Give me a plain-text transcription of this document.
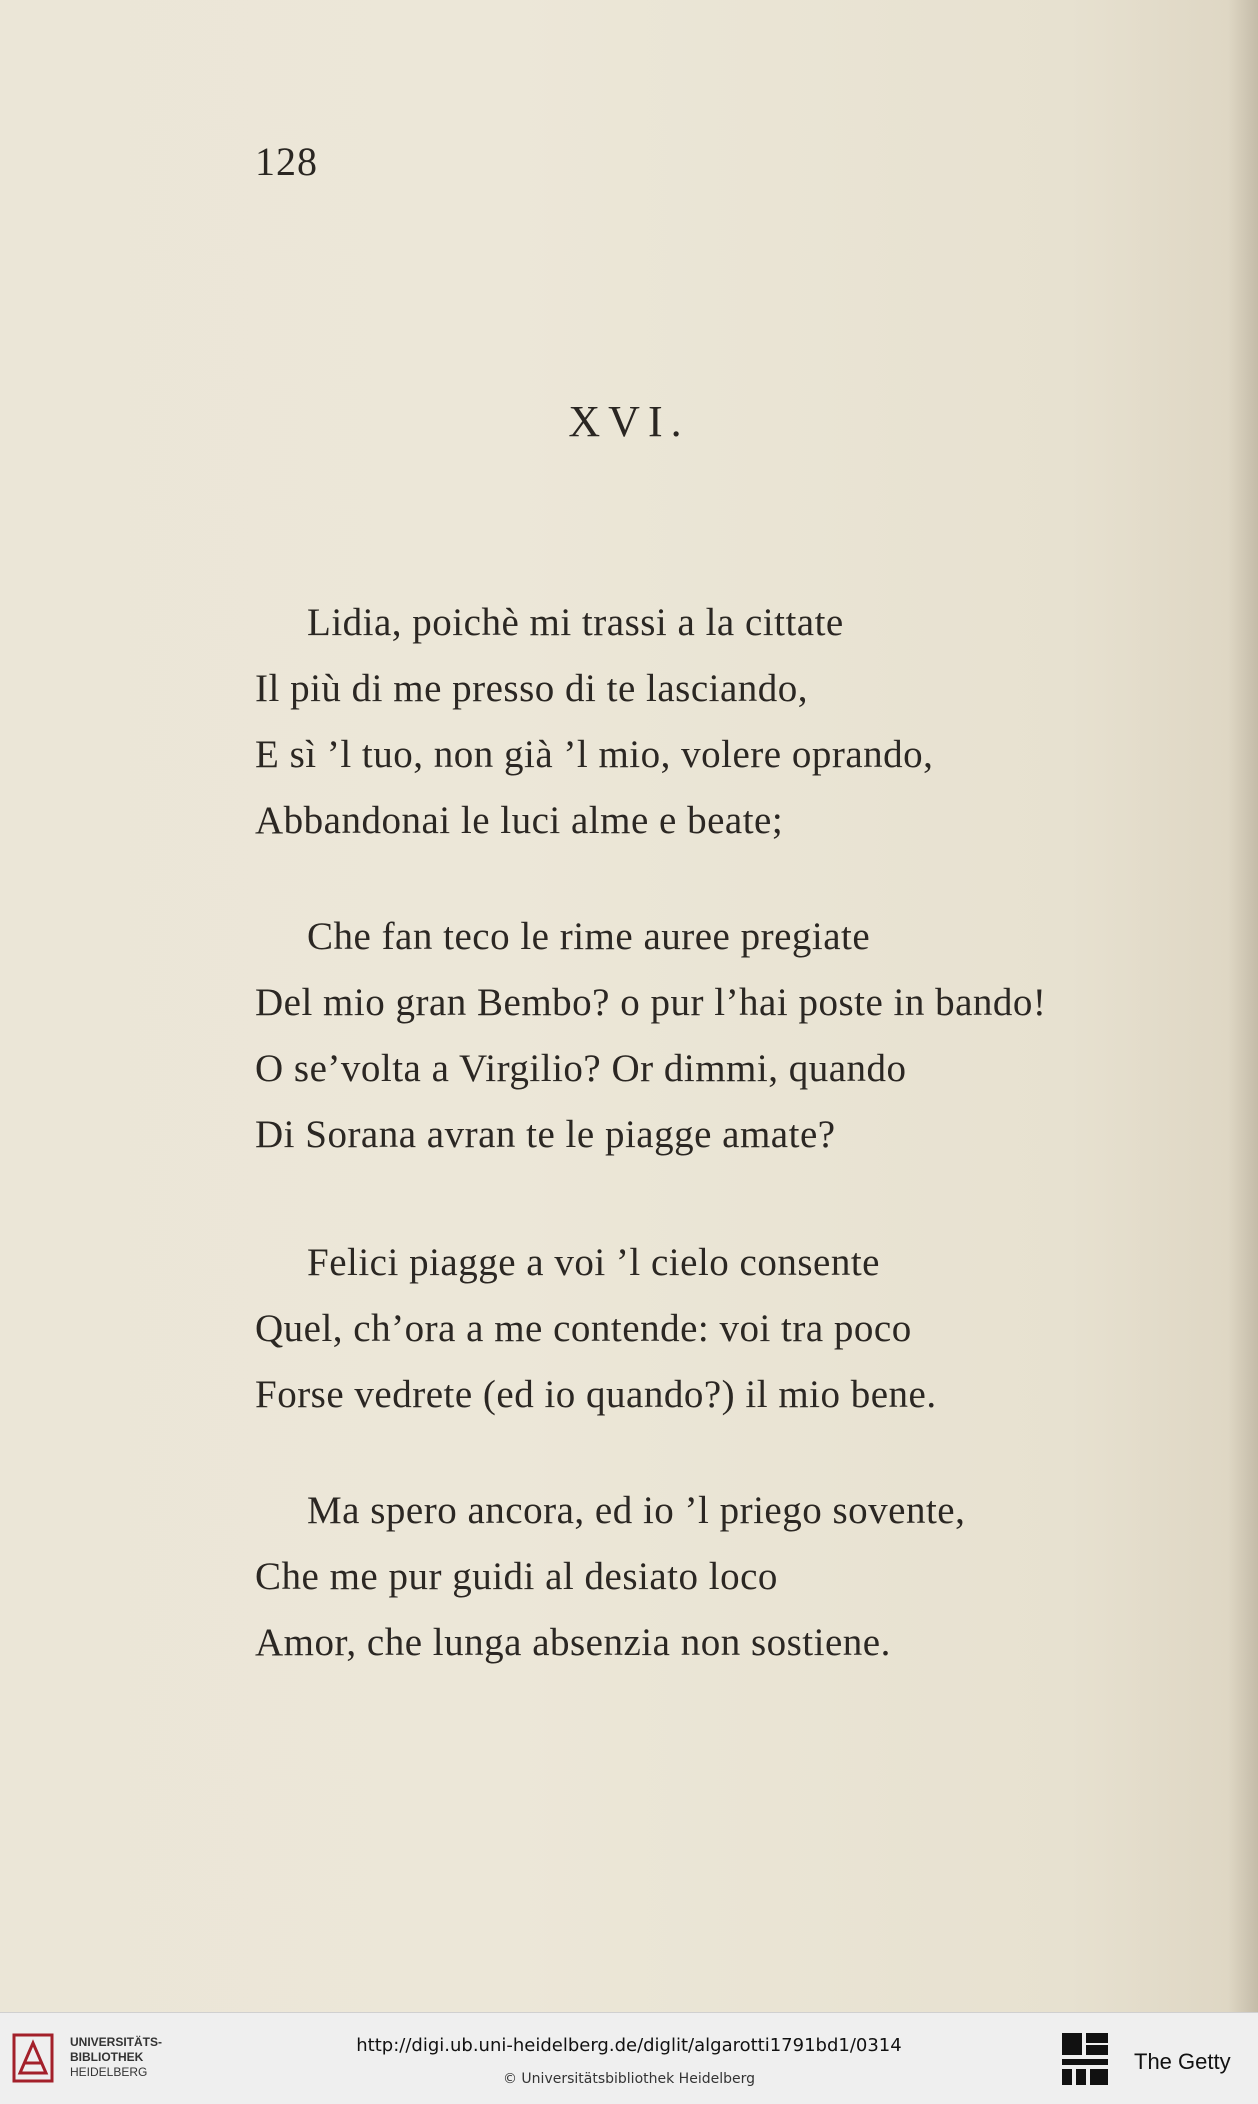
128
XVI.
Lidia, poichè mi trassi a la cittate
Il più di me presso di te lasciando,
E sì ’l tuo, non già ’l mio, volere oprando,
Abbandonai le luci alme e beate;
Che fan teco le rime auree pregiate
Del mio gran Bembo? o pur l’hai poste in bando!
O se’volta a Virgilio? Or dimmi, quando
Di Sorana avran te le piagge amate?
Felici piagge a voi ’l cielo consente
Quel, ch’ora a me contende: voi tra poco
Forse vedrete (ed io quando?) il mio bene.
Ma spero ancora, ed io ’l priego sovente,
Che me pur guidi al desiato loco
Amor, che lunga absenzia non sostiene.
UNIVERSITÄTS-
BIBLIOTHEK
HEIDELBERG
http://digi.ub.uni-heidelberg.de/diglit/algarotti1791bd1/0314
© Universitätsbibliothek Heidelberg
The Getty
